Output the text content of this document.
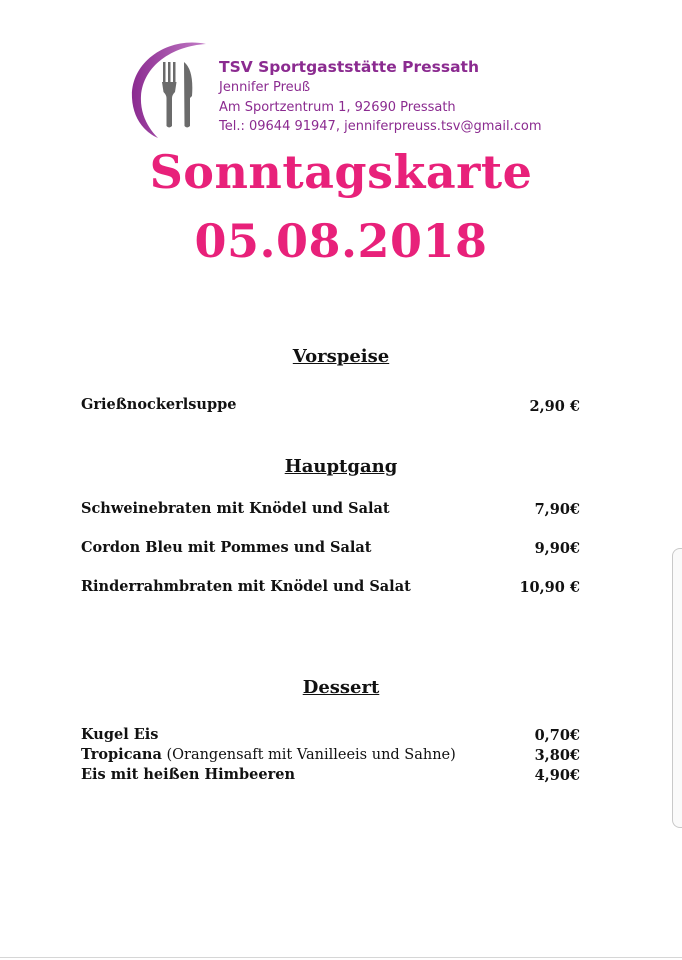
TSV Sportgaststätte Pressath
Jennifer Preuß
Am Sportzentrum 1, 92690 Pressath
Tel.: 09644 91947, jenniferpreuss.tsv@gmail.com
Sonntagskarte
05.08.2018
Vorspeise
Grießnockerlsuppe	2,90 €
Hauptgang
Schweinebraten mit Knödel und Salat	7,90€
Cordon Bleu mit Pommes und Salat	9,90€
Rinderrahmbraten mit Knödel und Salat	10,90 €
Dessert
Kugel Eis	0,70€
Tropicana (Orangensaft mit Vanilleeis und Sahne)	3,80€
Eis mit heißen Himbeeren	4,90€
